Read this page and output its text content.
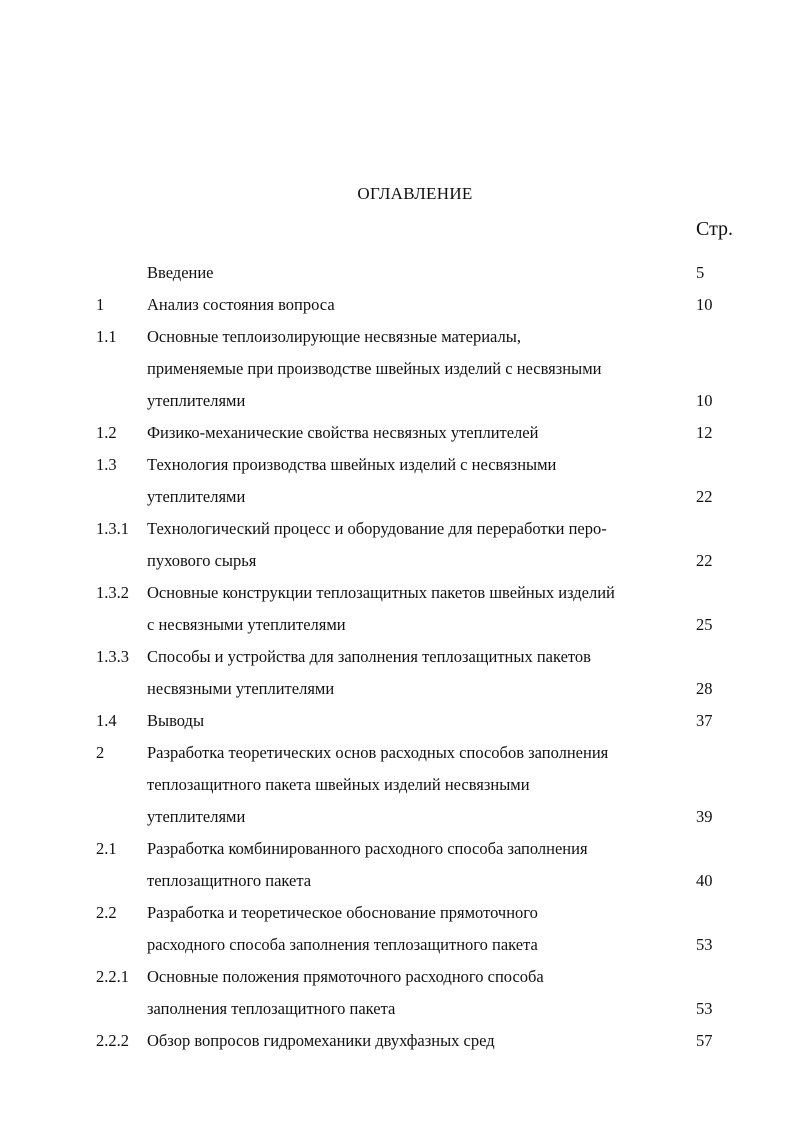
ОГЛАВЛЕНИЕ
Стр.
Введение	5
1	Анализ состояния вопроса	10
1.1 Основные теплоизолирующие несвязные материалы,
применяемые при производстве швейных изделий с несвязными
утеплителями	10
1.2 Физико-механические свойства несвязных утеплителей	12
1.3 Технология производства швейных изделий с несвязными
утеплителями	22
1.3.1 Технологический процесс и оборудование для переработки перо-
пухового сырья	22
1.3.2 Основные конструкции теплозащитных пакетов швейных изделий
с несвязными утеплителями	25
1.3.3 Способы и устройства для заполнения теплозащитных пакетов
несвязными утеплителями	28
1.4 Выводы	37
2	Разработка теоретических основ расходных способов заполнения
теплозащитного пакета швейных изделий несвязными
утеплителями	39
2.1 Разработка комбинированного расходного способа заполнения
теплозащитного пакета	40
2.2 Разработка и теоретическое обоснование прямоточного
расходного способа заполнения теплозащитного пакета	53
2.2.1 Основные положения прямоточного расходного способа
заполнения теплозащитного пакета	53
2.2.2 Обзор вопросов гидромеханики двухфазных сред	57
